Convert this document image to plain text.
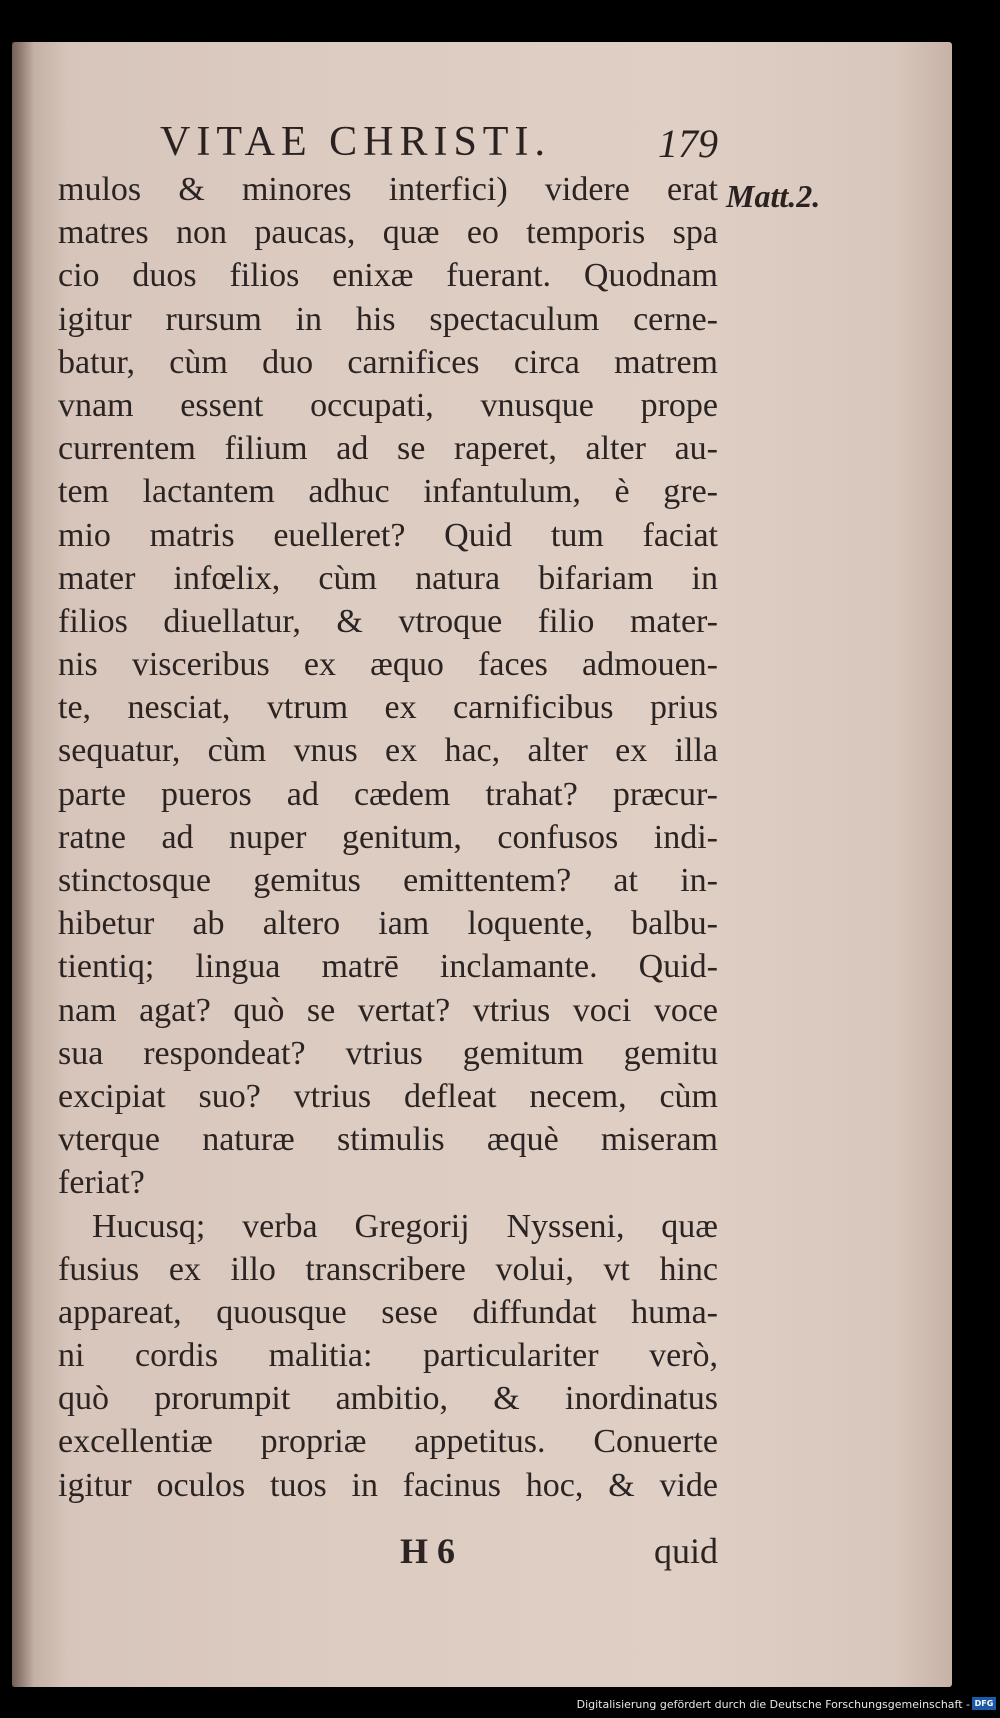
VITAE CHRISTI.	179
Matt.2.
mulos & minores interfici) videre erat
matres non paucas, quæ eo temporis spa
cio duos filios enixæ fuerant. Quodnam
igitur rursum in his spectaculum cerne-
batur, cùm duo carnifices circa matrem
vnam essent occupati, vnusque prope
currentem filium ad se raperet, alter au-
tem lactantem adhuc infantulum, è gre-
mio matris euelleret? Quid tum faciat
mater infœlix, cùm natura bifariam in
filios diuellatur, & vtroque filio mater-
nis visceribus ex æquo faces admouen-
te, nesciat, vtrum ex carnificibus prius
sequatur, cùm vnus ex hac, alter ex illa
parte pueros ad cædem trahat? præcur-
ratne ad nuper genitum, confusos indi-
stinctosque gemitus emittentem? at in-
hibetur ab altero iam loquente, balbu-
tientiq; lingua matrē inclamante. Quid-
nam agat? quò se vertat? vtrius voci voce
sua respondeat? vtrius gemitum gemitu
excipiat suo? vtrius defleat necem, cùm
vterque naturæ stimulis æquè miseram
feriat?
Hucusq; verba Gregorij Nysseni, quæ
fusius ex illo transcribere volui, vt hinc
appareat, quousque sese diffundat huma-
ni cordis malitia: particulariter verò,
quò prorumpit ambitio, & inordinatus
excellentiæ propriæ appetitus. Conuerte
igitur oculos tuos in facinus hoc, & vide
H 6	quid
Digitalisierung gefördert durch die Deutsche Forschungsgemeinschaft - DFG
